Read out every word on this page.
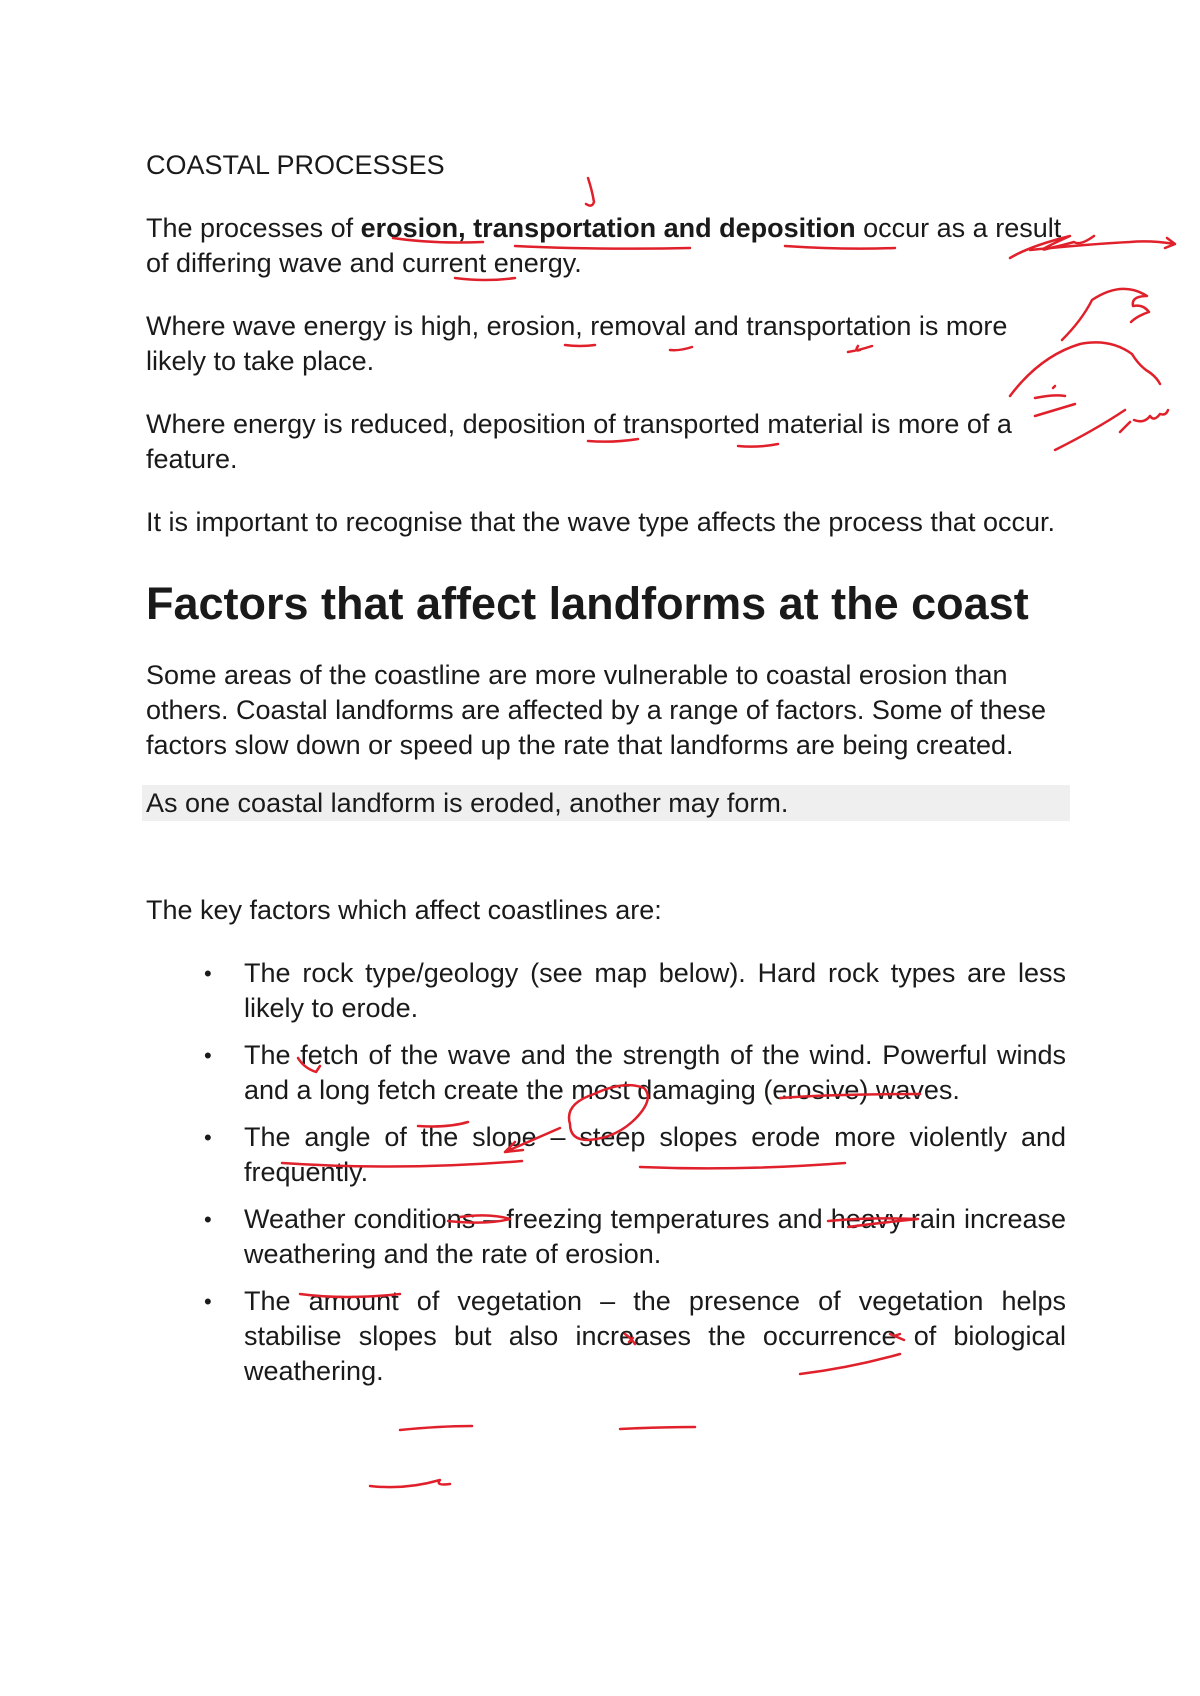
COASTAL PROCESSES

The processes of erosion, transportation and deposition occur as a result of differing wave and current energy.

Where wave energy is high, erosion, removal and transportation is more likely to take place.

Where energy is reduced, deposition of transported material is more of a feature.

It is important to recognise that the wave type affects the process that occur.

Factors that affect landforms at the coast

Some areas of the coastline are more vulnerable to coastal erosion than others. Coastal landforms are affected by a range of factors. Some of these factors slow down or speed up the rate that landforms are being created.

As one coastal landform is eroded, another may form.

The key factors which affect coastlines are:

• The rock type/geology (see map below). Hard rock types are less likely to erode.
• The fetch of the wave and the strength of the wind. Powerful winds and a long fetch create the most damaging (erosive) waves.
• The angle of the slope – steep slopes erode more violently and frequently.
• Weather conditions – freezing temperatures and heavy rain increase weathering and the rate of erosion.
• The amount of vegetation – the presence of vegetation helps stabilise slopes but also increases the occurrence of biological weathering.
